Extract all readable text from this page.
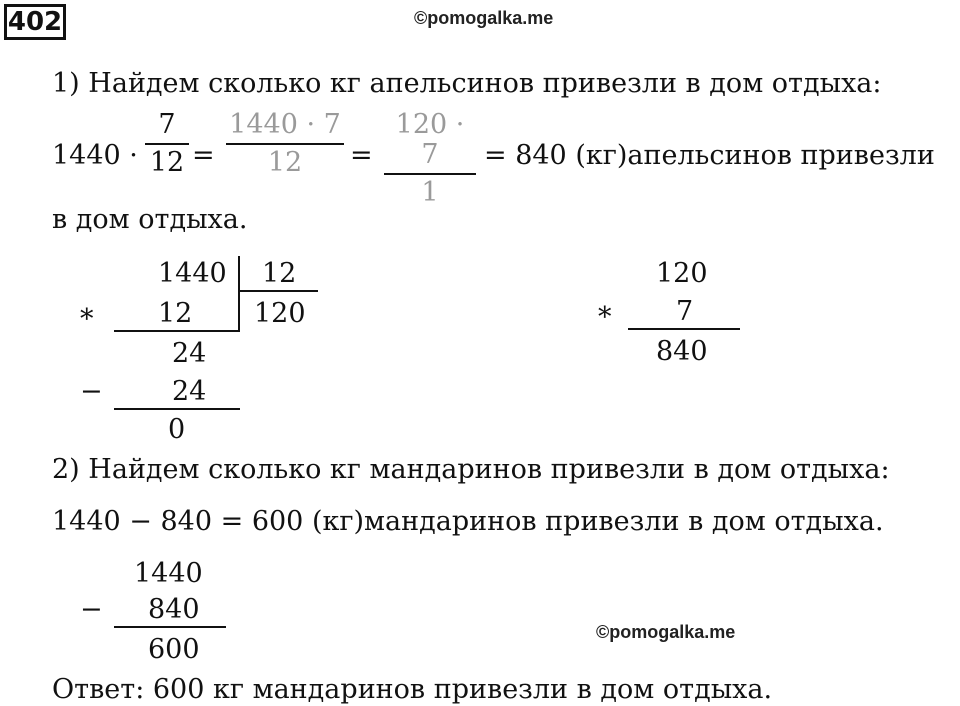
402	©pomogalka.me
1) Найдем сколько кг апельсинов привезли в дом отдыха:
1440 ·
7
12 =
1440 · 7
12	=
120 · 7
1
= 840 (кг)апельсинов привезли
в дом отдыха.
1440 12
* 12 120
24
−	24
0
120
* 7
840
2) Найдем сколько кг мандаринов привезли в дом отдыха:
1440 − 840 = 600 (кг)мандаринов привезли в дом отдыха.
1440
− 840
600
©pomogalka.me
Ответ: 600 кг мандаринов привезли в дом отдыха.
